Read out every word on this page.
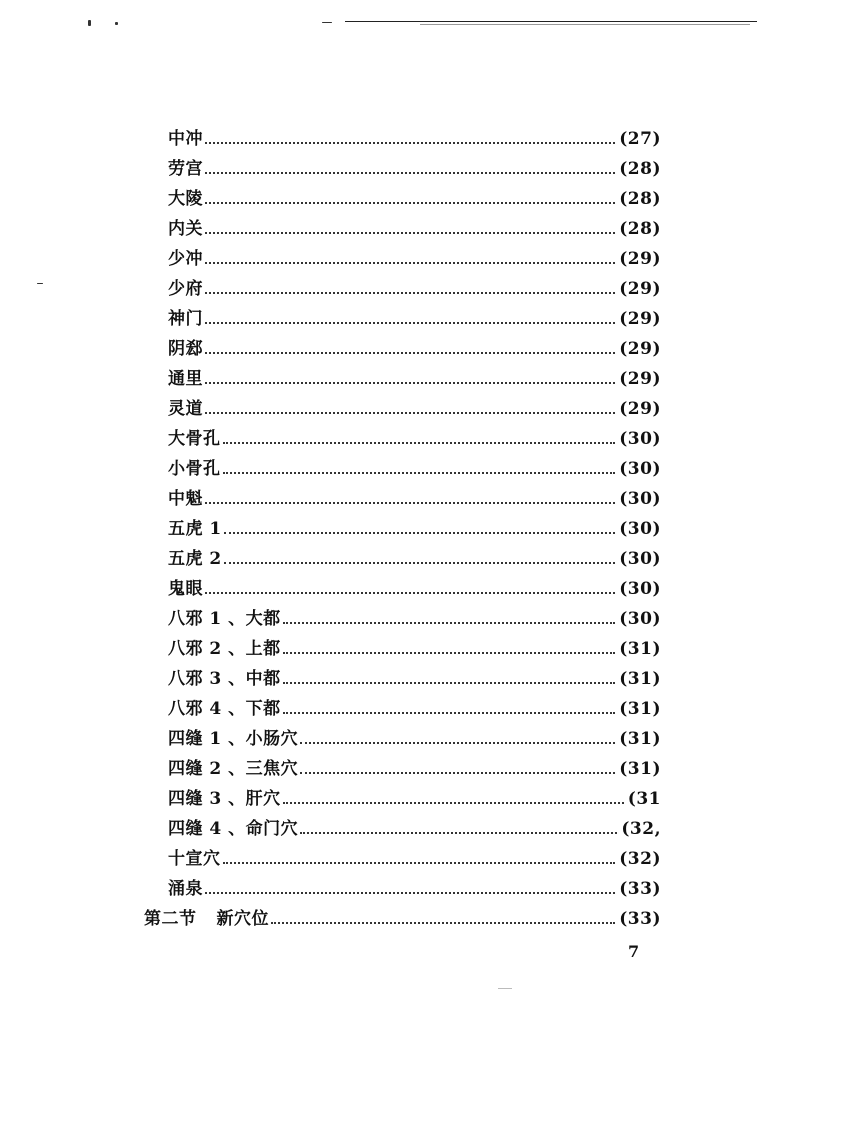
中冲	(27)
劳宫	(28)
大陵	(28)
内关	(28)
少冲	(29)
少府	(29)
神门	(29)
阴郄	(29)
通里	(29)
灵道	(29)
大骨孔	(30)
小骨孔	(30)
中魁	(30)
五虎 1	(30)
五虎 2	(30)
鬼眼	(30)
八邪 1 、大都	(30)
八邪 2 、上都	(31)
八邪 3 、中都	(31)
八邪 4 、下都	(31)
四缝 1 、小肠穴	(31)
四缝 2 、三焦穴	(31)
四缝 3 、肝穴	(31
四缝 4 、命门穴	(32,
十宣穴	(32)
涌泉	(33)
第二节 新穴位	(33)
7
